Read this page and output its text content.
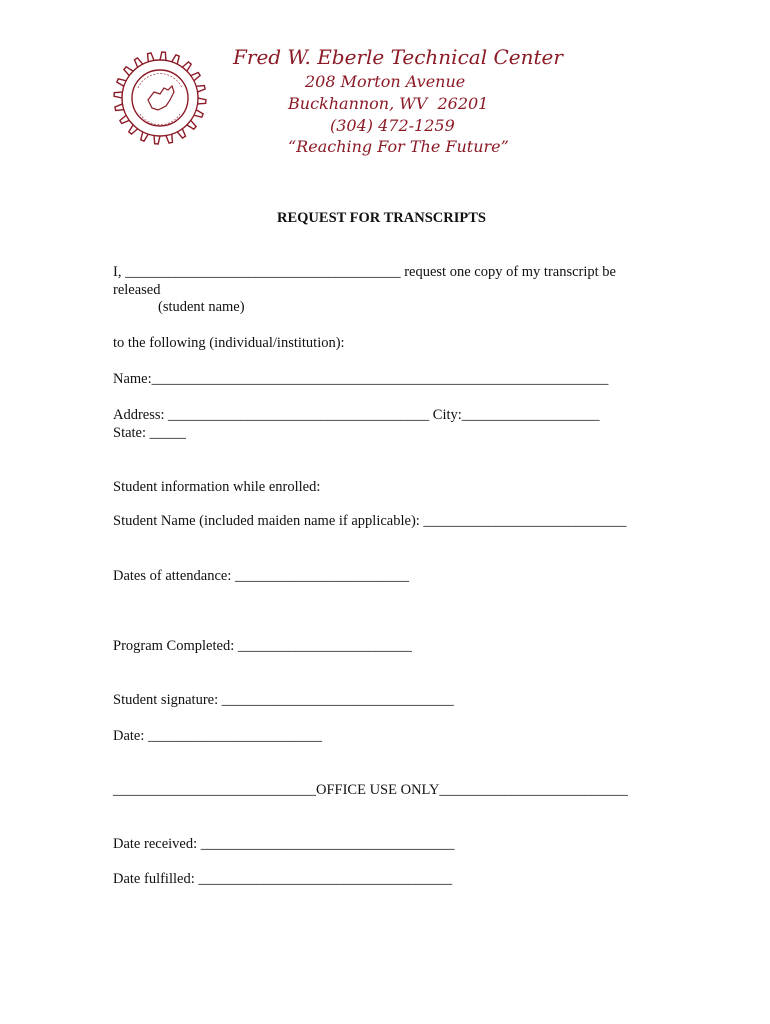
Fred W. Eberle Technical Center
208 Morton Avenue
Buckhannon, WV  26201
(304) 472-1259
“Reaching For The Future”
REQUEST FOR TRANSCRIPTS
I, ______________________________________ request one copy of my transcript be
released
(student name)
to the following (individual/institution):
Name:_______________________________________________________________
Address: ____________________________________ City:___________________
State: _____
Student information while enrolled:
Student Name (included maiden name if applicable): ____________________________
Dates of attendance: ________________________
Program Completed: ________________________
Student signature: ________________________________
Date: ________________________
____________________________OFFICE USE ONLY__________________________
Date received: ___________________________________
Date fulfilled: ___________________________________
